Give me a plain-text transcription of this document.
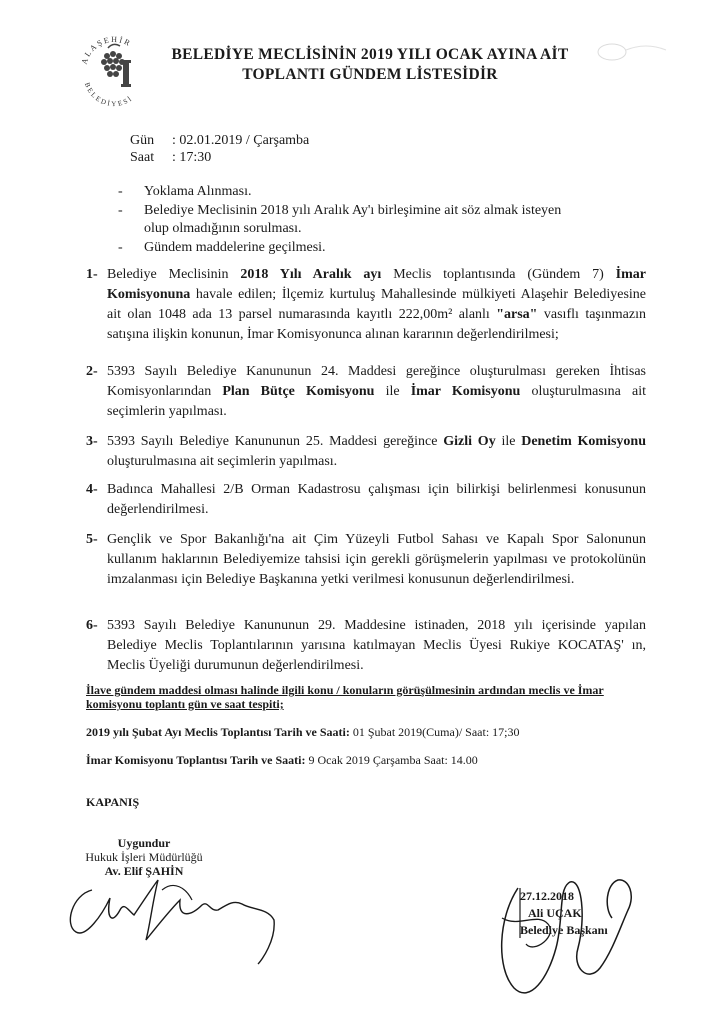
ALAŞEHİR
BELEDİYESİ
BELEDİYE MECLİSİNİN 2019 YILI OCAK AYINA AİT
TOPLANTI GÜNDEM LİSTESİDİR
Gün : 02.01.2019 / Çarşamba
Saat : 17:30
- Yoklama Alınması.
- Belediye Meclisinin 2018 yılı Aralık Ay'ı birleşimine ait söz almak isteyen olup olmadığının sorulması.
- Gündem maddelerine geçilmesi.
1- Belediye Meclisinin 2018 Yılı Aralık ayı Meclis toplantısında (Gündem 7) İmar Komisyonuna havale edilen; İlçemiz kurtuluş Mahallesinde mülkiyeti Alaşehir Belediyesine ait olan 1048 ada 13 parsel numarasında kayıtlı 222,00m² alanlı "arsa" vasıflı taşınmazın satışına ilişkin konunun, İmar Komisyonunca alınan kararının değerlendirilmesi;
2- 5393 Sayılı Belediye Kanununun 24. Maddesi gereğince oluşturulması gereken İhtisas Komisyonlarından Plan Bütçe Komisyonu ile İmar Komisyonu oluşturulmasına ait seçimlerin yapılması.
3- 5393 Sayılı Belediye Kanununun 25. Maddesi gereğince Gizli Oy ile Denetim Komisyonu oluşturulmasına ait seçimlerin yapılması.
4- Badınca Mahallesi 2/B Orman Kadastrosu çalışması için bilirkişi belirlenmesi konusunun değerlendirilmesi.
5- Gençlik ve Spor Bakanlığı'na ait Çim Yüzeyli Futbol Sahası ve Kapalı Spor Salonunun kullanım haklarının Belediyemize tahsisi için gerekli görüşmelerin yapılması ve protokolünün imzalanması için Belediye Başkanına yetki verilmesi konusunun değerlendirilmesi.
6- 5393 Sayılı Belediye Kanununun 29. Maddesine istinaden, 2018 yılı içerisinde yapılan Belediye Meclis Toplantılarının yarısına katılmayan Meclis Üyesi Rukiye KOCATAŞ' ın, Meclis Üyeliği durumunun değerlendirilmesi.
İlave gündem maddesi olması halinde ilgili konu / konuların görüşülmesinin ardından meclis ve İmar komisyonu toplantı gün ve saat tespiti;
2019 yılı Şubat Ayı Meclis Toplantısı Tarih ve Saati: 01 Şubat 2019(Cuma)/ Saat: 17;30
İmar Komisyonu Toplantısı Tarih ve Saati: 9 Ocak 2019 Çarşamba Saat: 14.00
KAPANIŞ
Uygundur
Hukuk İşleri Müdürlüğü
Av. Elif ŞAHİN
27.12.2018
Ali UÇAK
Belediye Başkanı
